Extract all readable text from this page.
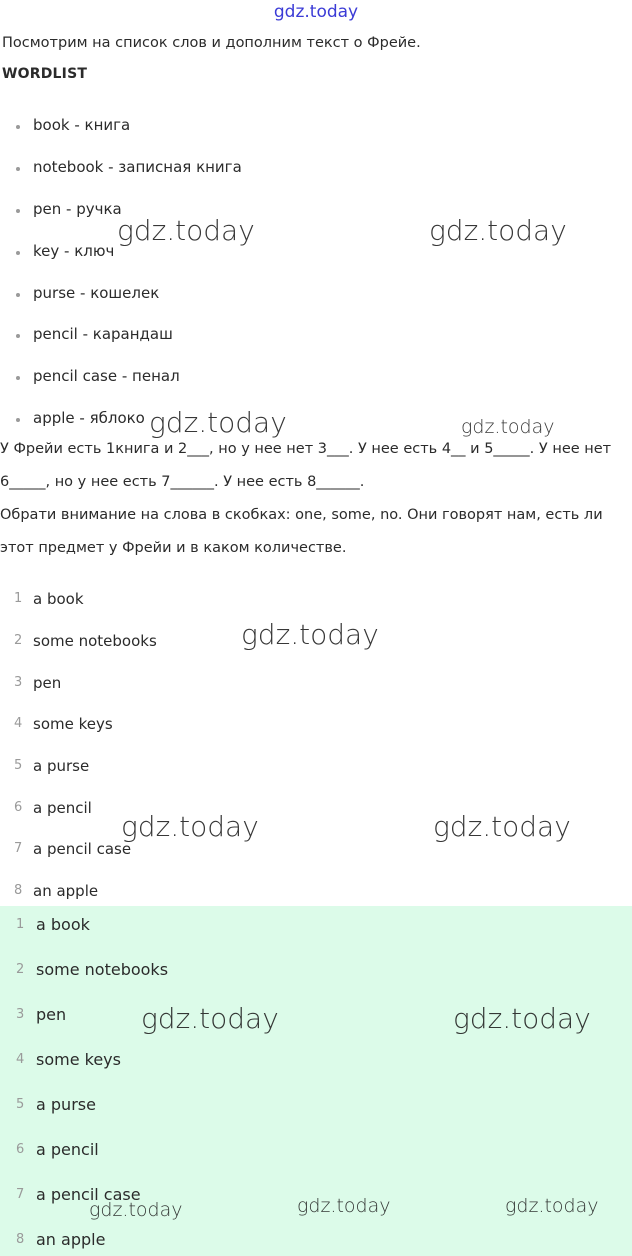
gdz.today
Посмотрим на список слов и дополним текст о Фрейе.
WORDLIST
book - книга
notebook - записная книга
pen - ручка
key - ключ
purse - кошелек
pencil - карандаш
pencil case - пенал
apple - яблоко
У Фрейи есть 1книга и 2___, но у нее нет 3___. У нее есть 4__ и 5_____. У нее нет
6_____, но у нее есть 7______. У нее есть 8______.
Обрати внимание на слова в скобках: one, some, no. Они говорят нам, есть ли
этот предмет у Фрейи и в каком количестве.
1 a book
2 some notebooks
3 pen
4 some keys
5 a purse
6 a pencil
7 a pencil case
8 an apple
1 a book
2 some notebooks
3 pen
4 some keys
5 a purse
6 a pencil
7 a pencil case
8 an apple
gdz.today	gdz.today
gdz.today	gdz.today
gdz.today
gdz.today	gdz.today
gdz.today	gdz.today
gdz.today	gdz.today	gdz.today
